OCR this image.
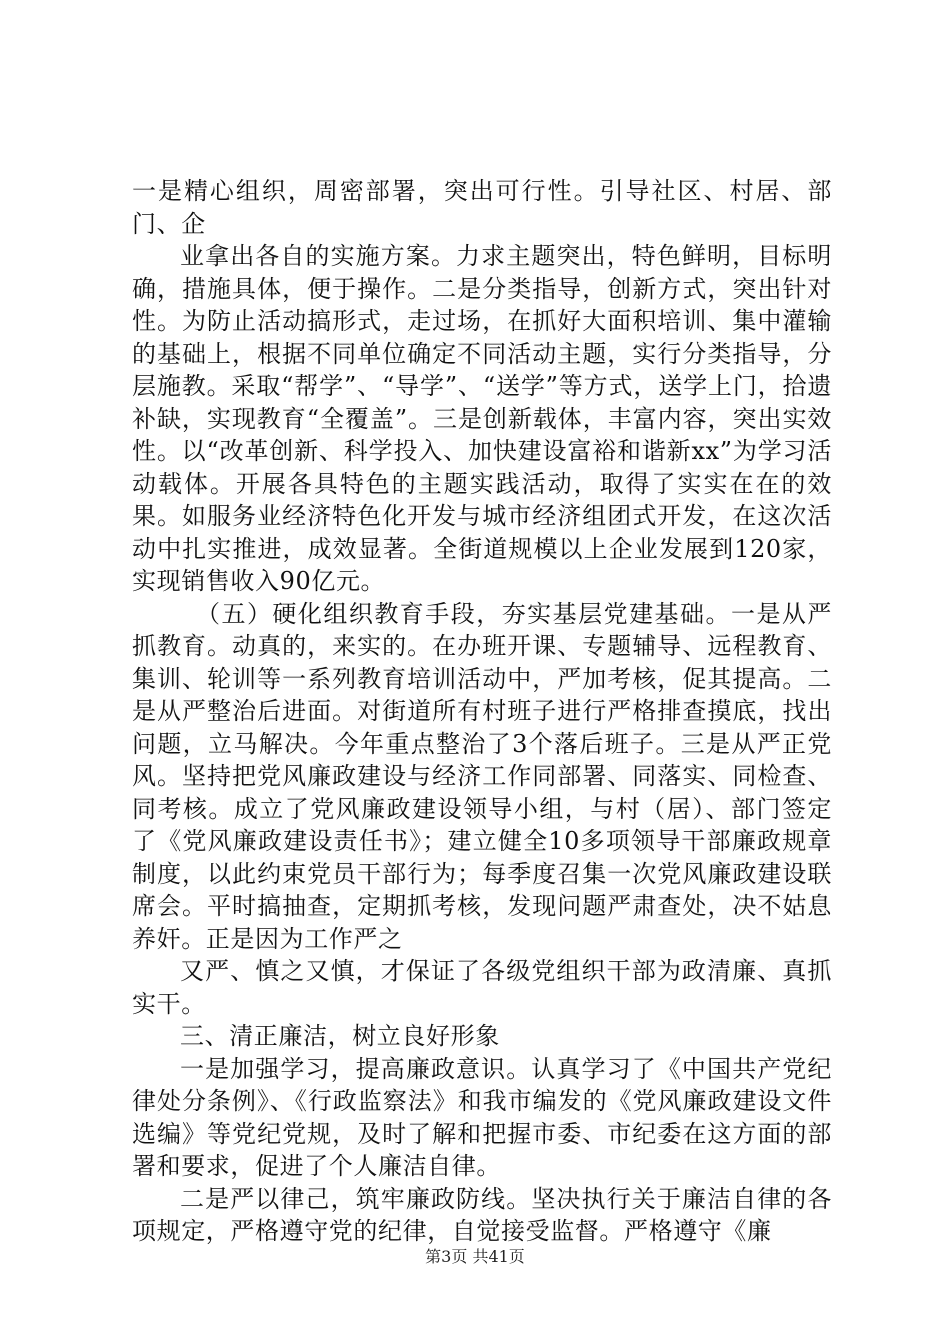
一是精心组织，周密部署，突出可行性。引导社区、村居、部门、企

业拿出各自的实施方案。力求主题突出，特色鲜明，目标明确，措施具体，便于操作。二是分类指导，创新方式，突出针对性。为防止活动搞形式，走过场，在抓好大面积培训、集中灌输的基础上，根据不同单位确定不同活动主题，实行分类指导，分层施教。采取“帮学”、“导学”、“送学”等方式，送学上门，拾遗补缺，实现教育“全覆盖”。三是创新载体，丰富内容，突出实效性。以“改革创新、科学投入、加快建设富裕和谐新xx”为学习活动载体。开展各具特色的主题实践活动，取得了实实在在的效果。如服务业经济特色化开发与城市经济组团式开发，在这次活动中扎实推进，成效显著。全街道规模以上企业发展到120家，实现销售收入90亿元。

（五）硬化组织教育手段，夯实基层党建基础。一是从严抓教育。动真的，来实的。在办班开课、专题辅导、远程教育、集训、轮训等一系列教育培训活动中，严加考核，促其提高。二是从严整治后进面。对街道所有村班子进行严格排查摸底，找出问题，立马解决。今年重点整治了3个落后班子。三是从严正党风。坚持把党风廉政建设与经济工作同部署、同落实、同检查、同考核。成立了党风廉政建设领导小组，与村（居）、部门签定了《党风廉政建设责任书》；建立健全10多项领导干部廉政规章制度，以此约束党员干部行为；每季度召集一次党风廉政建设联席会。平时搞抽查，定期抓考核，发现问题严肃查处，决不姑息养奸。正是因为工作严之

又严、慎之又慎，才保证了各级党组织干部为政清廉、真抓实干。

三、清正廉洁，树立良好形象

一是加强学习，提高廉政意识。认真学习了《中国共产党纪律处分条例》、《行政监察法》和我市编发的《党风廉政建设文件选编》等党纪党规，及时了解和把握市委、市纪委在这方面的部署和要求，促进了个人廉洁自律。

二是严以律己，筑牢廉政防线。坚决执行关于廉洁自律的各项规定，严格遵守党的纪律，自觉接受监督。严格遵守《廉

第3页 共41页
